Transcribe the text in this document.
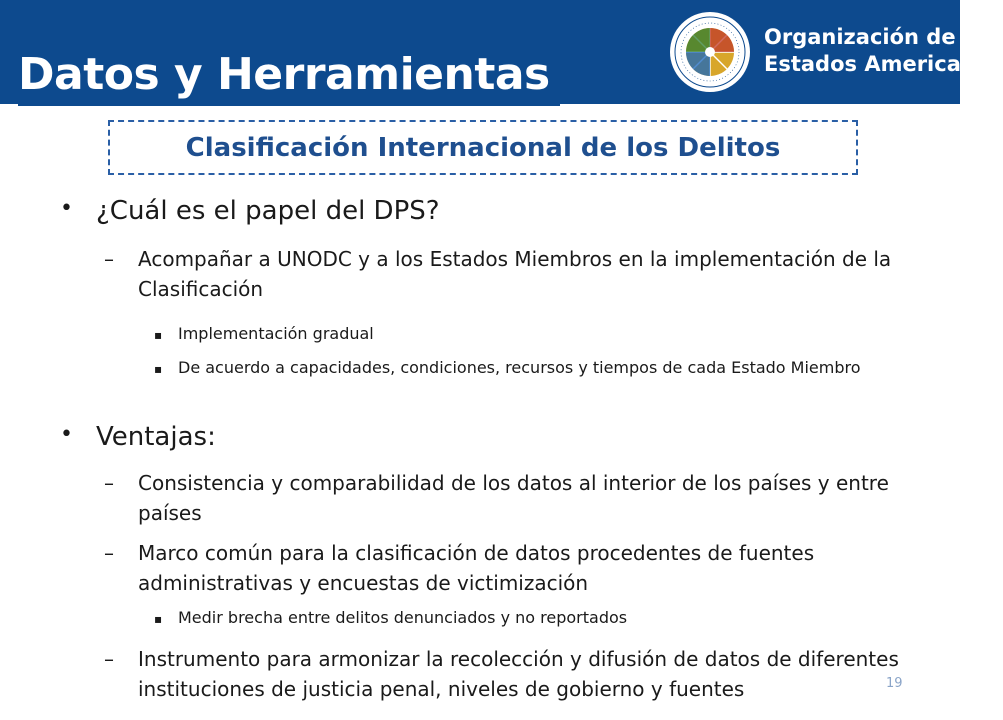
Organización de los
Estados Americanos
Datos y Herramientas
Clasificación Internacional de los Delitos
• ¿Cuál es el papel del DPS?
– Acompañar a UNODC y a los Estados Miembros en la implementación de la Clasificación
▪ Implementación gradual
▪ De acuerdo a capacidades, condiciones, recursos y tiempos de cada Estado Miembro
• Ventajas:
– Consistencia y comparabilidad de los datos al interior de los países y entre países
– Marco común para la clasificación de datos procedentes de fuentes administrativas y encuestas de victimización
▪ Medir brecha entre delitos denunciados y no reportados
– Instrumento para armonizar la recolección y difusión de datos de diferentes instituciones de justicia penal, niveles de gobierno y fuentes	19
